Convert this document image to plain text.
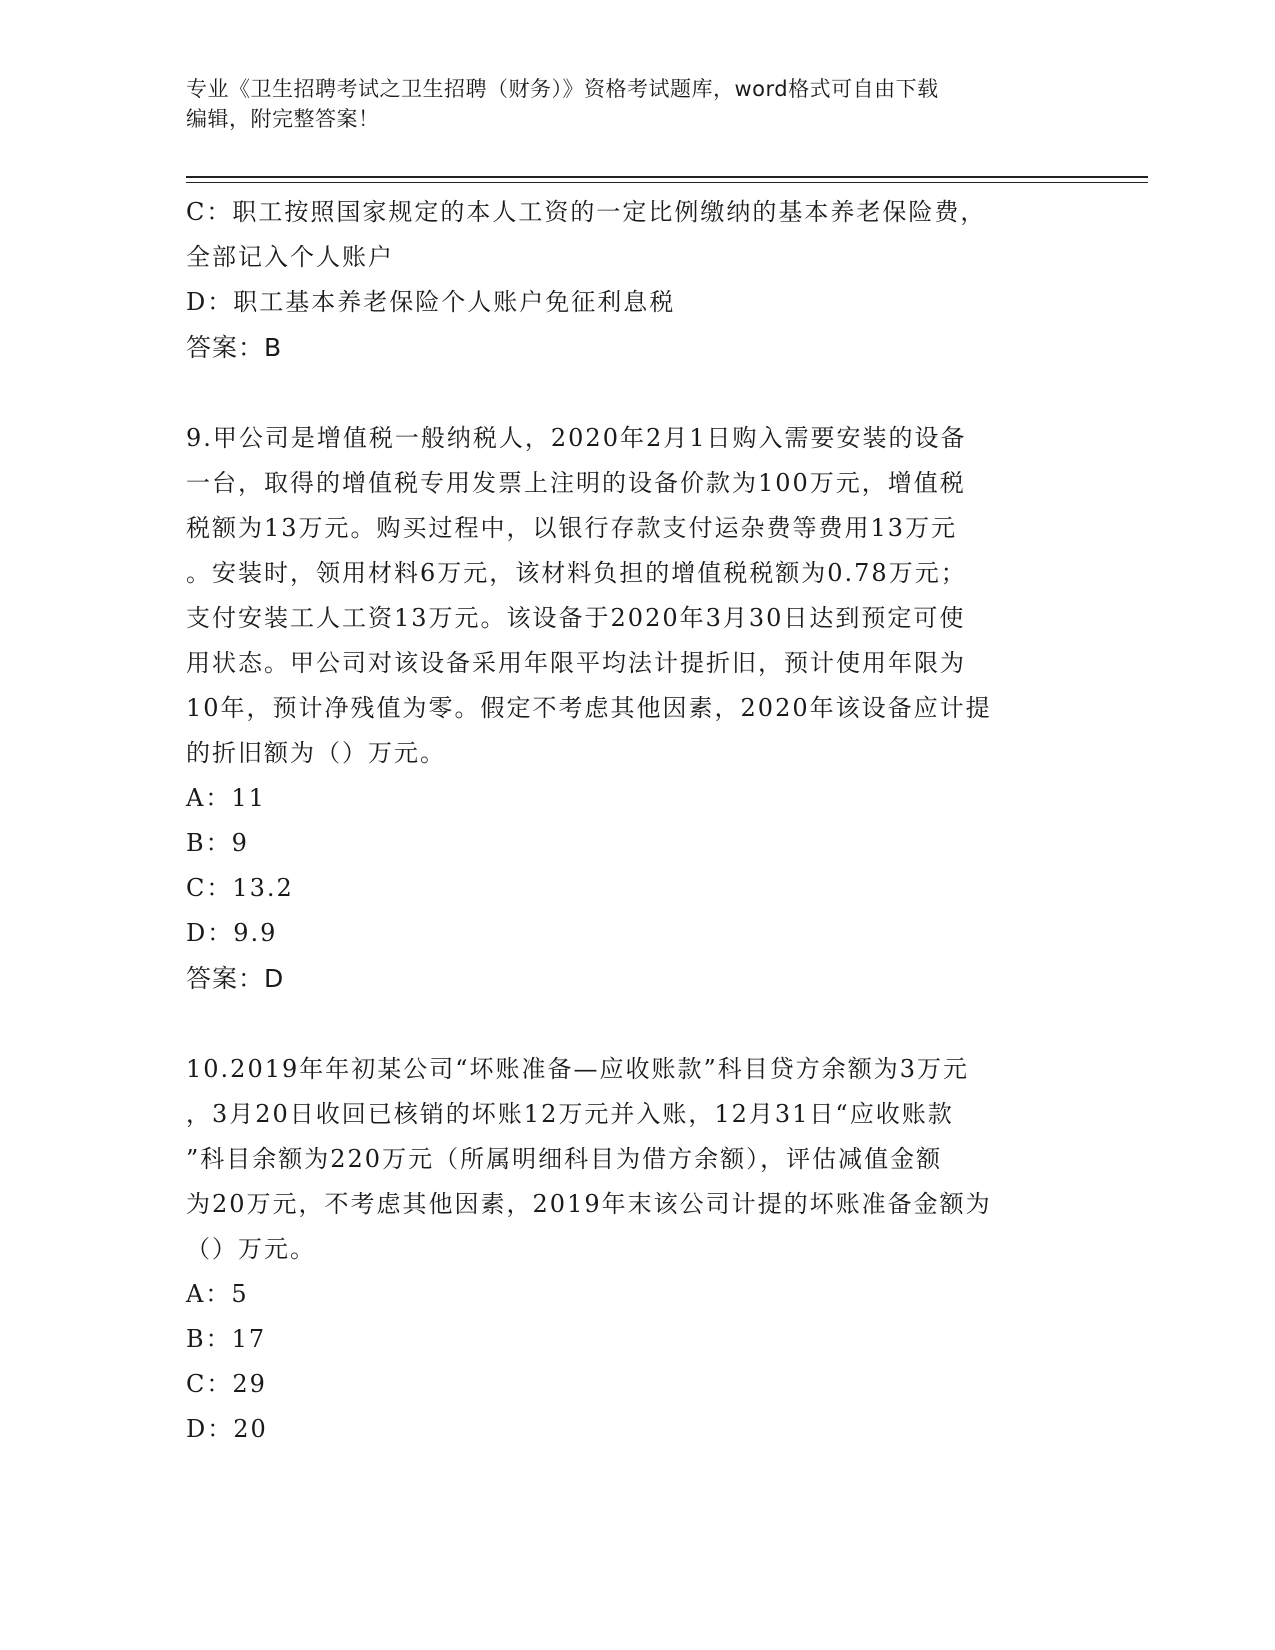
专业《卫生招聘考试之卫生招聘（财务）》资格考试题库，word格式可自由下载
编辑，附完整答案！
C：职工按照国家规定的本人工资的一定比例缴纳的基本养老保险费，
全部记入个人账户
D：职工基本养老保险个人账户免征利息税
答案：B
9.甲公司是增值税一般纳税人，2020年2月1日购入需要安装的设备
一台，取得的增值税专用发票上注明的设备价款为100万元，增值税
税额为13万元。购买过程中，以银行存款支付运杂费等费用13万元
。安装时，领用材料6万元，该材料负担的增值税税额为0.78万元；
支付安装工人工资13万元。该设备于2020年3月30日达到预定可使
用状态。甲公司对该设备采用年限平均法计提折旧，预计使用年限为
10年，预计净残值为零。假定不考虑其他因素，2020年该设备应计提
的折旧额为（）万元。
A：11
B：9
C：13.2
D：9.9
答案：D
10.2019年年初某公司“坏账准备—应收账款”科目贷方余额为3万元
，3月20日收回已核销的坏账12万元并入账，12月31日“应收账款
”科目余额为220万元（所属明细科目为借方余额），评估减值金额
为20万元，不考虑其他因素，2019年末该公司计提的坏账准备金额为
（）万元。
A：5
B：17
C：29
D：20
